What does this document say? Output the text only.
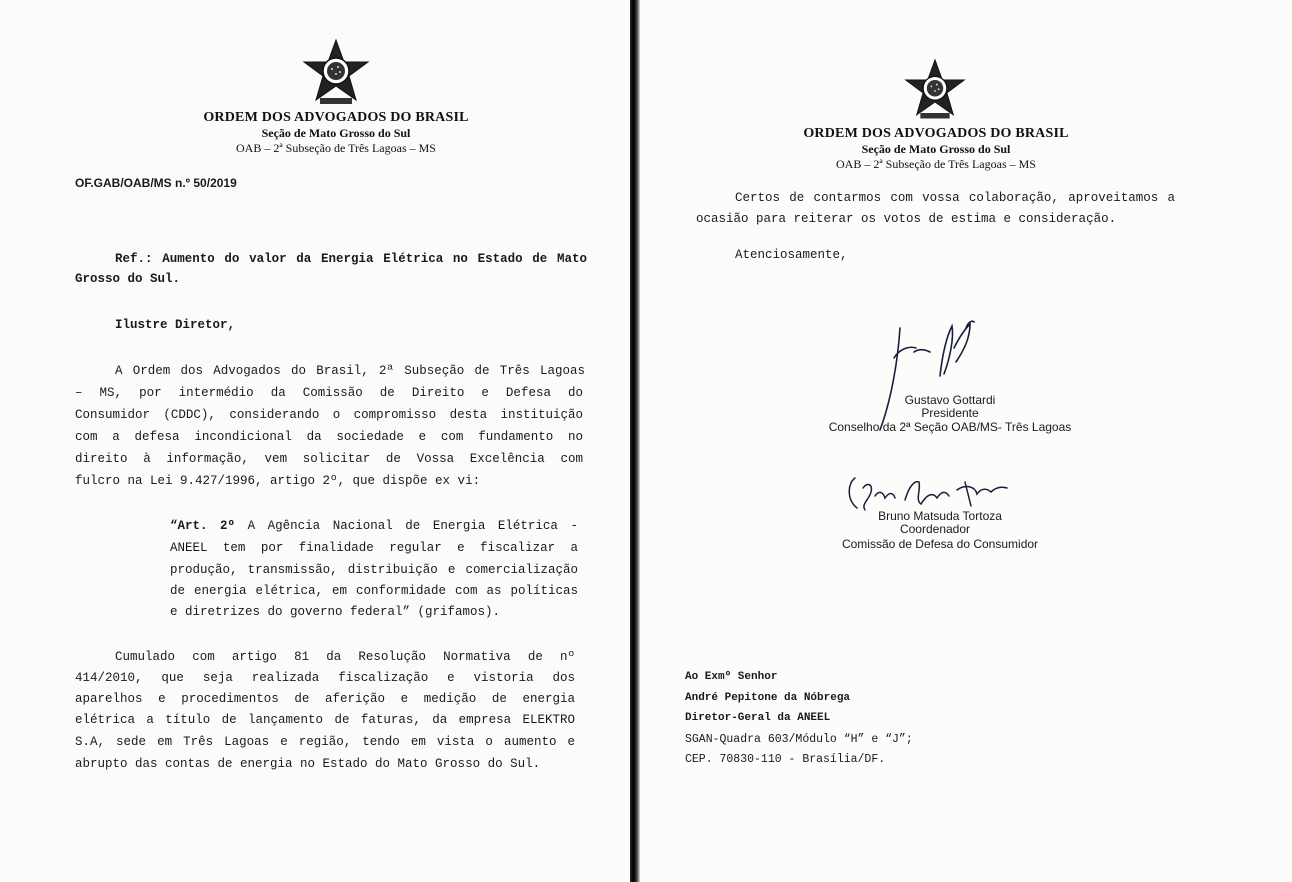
ORDEM DOS ADVOGADOS DO BRASIL
Seção de Mato Grosso do Sul
OAB – 2ª Subseção de Três Lagoas – MS
OF.GAB/OAB/MS n.º 50/2019
Ref.: Aumento do valor da Energia Elétrica no Estado de Mato
Grosso do Sul.
Ilustre Diretor,
A Ordem dos Advogados do Brasil, 2ª Subseção de Três Lagoas
– MS, por intermédio da Comissão de Direito e Defesa do
Consumidor (CDDC), considerando o compromisso desta instituição
com a defesa incondicional da sociedade e com fundamento no
direito à informação, vem solicitar de Vossa Excelência com
fulcro na Lei 9.427/1996, artigo 2º, que dispõe ex vi:
“Art. 2º A Agência Nacional de Energia Elétrica -
ANEEL tem por finalidade regular e fiscalizar a
produção, transmissão, distribuição e comercialização
de energia elétrica, em conformidade com as políticas
e diretrizes do governo federal” (grifamos).
Cumulado com artigo 81 da Resolução Normativa de nº
414/2010, que seja realizada fiscalização e vistoria dos
aparelhos e procedimentos de aferição e medição de energia
elétrica a título de lançamento de faturas, da empresa ELEKTRO
S.A, sede em Três Lagoas e região, tendo em vista o aumento e
abrupto das contas de energia no Estado do Mato Grosso do Sul.
ORDEM DOS ADVOGADOS DO BRASIL
Seção de Mato Grosso do Sul
OAB – 2ª Subseção de Três Lagoas – MS
Certos de contarmos com vossa colaboração, aproveitamos a
ocasião para reiterar os votos de estima e consideração.
Atenciosamente,
Gustavo Gottardi
Presidente
Conselho da 2ª Seção OAB/MS- Três Lagoas
Bruno Matsuda Tortoza
Coordenador
Comissão de Defesa do Consumidor
Ao Exmº Senhor
André Pepitone da Nóbrega
Diretor-Geral da ANEEL
SGAN-Quadra 603/Módulo “H” e “J”;
CEP. 70830-110 - Brasília/DF.
